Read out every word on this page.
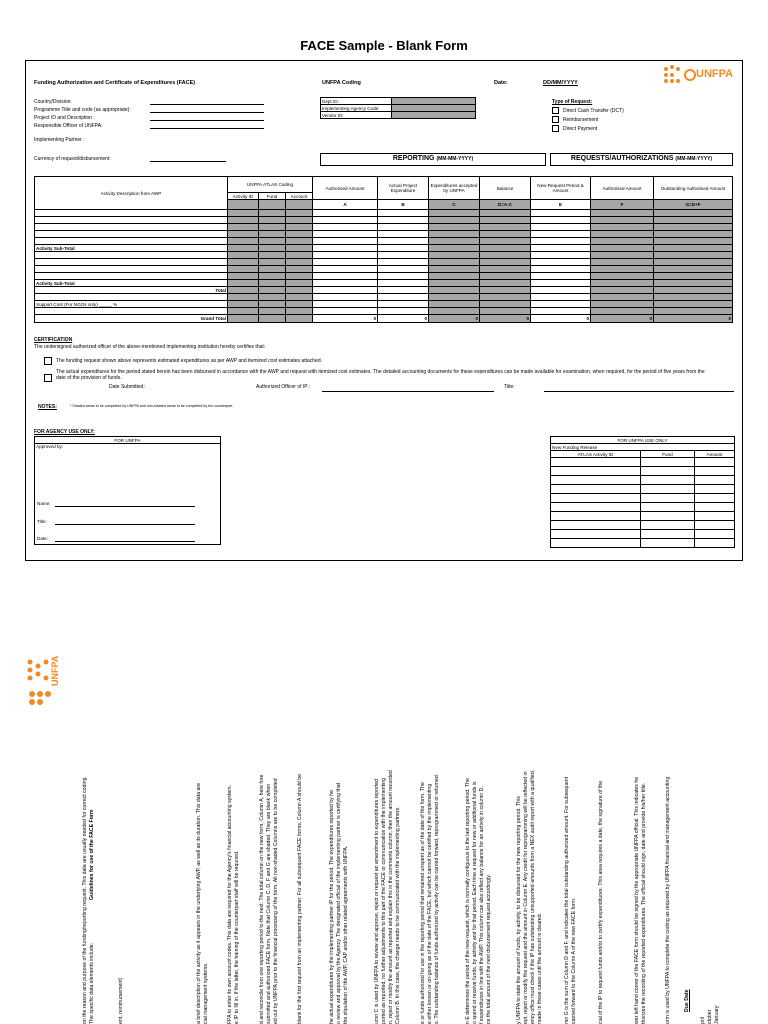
FACE Sample - Blank Form
Funding Authorization and Certificate of Expenditures (FACE)	UNFPA Coding	Date:	DD/MM/YYYY
UNFPA
Country/Division:
Programme Title and code (as appropriate):
Project ID and Description :
Responsible Officer of UNFPA:
Implementing Partner :
Dept ID:	
Implementing Agency Code:	
Vendor ID:	
Type of Request:
Direct Cash Transfer (DCT)
Reimbursement
Direct Payment
Currency of request/disbursement:	REPORTING (MM-MM-YYYY)	REQUESTS/AUTHORIZATIONS (MM-MM-YYYY)
Activity Description from AWP	UNFPA ATLAS Coding			Authorised Amount	Actual Project Expenditure	Expenditures accepted by UNFPA	Balance	New Request Period & Amount	Authorised Amount	Outstanding Authorised Amount
	Activity ID	Fund	Account							
				A	B	C	D=A-C	E	F	G=D+F

Activity Sub-Total										

Activity Sub-Total										
Total										

Support Cost (For NGOs only) _____ %										

Grand Total				0	0	0	0	0	0	0
CERTIFICATION
The undersigned authorized officer of the above-mentioned implementing institution hereby certifies that:
The funding request shown above represents estimated expenditures as per AWP and itemized cost estimates attached.
The actual expenditures for the period stated herein has been disbursed in accordance with the AWP and request with itemized cost estimates. The detailed accounting documents for these expenditures can be made available for examination, when required, for the period of five years from the
date of the provision of funds.
Date Submitted:	Authorized Officer of IP :	Title:
NOTES:	* Shaded areas to be completed by UNFPA and non-shaded areas to be completed by the counterpart.
FOR AGENCY USE ONLY:
FOR UNFPA

Approved by:
Name:
Title:
Date:
FOR UNFPA USE ONLY		
New Funding Release		
ATLAS Activity ID	Fund	Amount

UNFPA
Guidelines for use of the FACE Form
on the reason and purpose of the funding/reporting request. This data are usually needed for correct coding The specific data elements include:	ent, reimbursement)	a brief description of the activity as it appears in the underlying AWP, as well as its duration. This data are cial management systems.	FPA to enter its own account codes. This data are required for the Agency's financial accounting system. e IP to fill in. If the latter, the training of the counterpart staff will be required.	d and reconcile from one reporting period to the next. The total column on the new form, Column A, here fore submitted and authorized FACE form. Note that Column C, D, F and G are shaded. They are blank when ed out by UNFPA prior to the financial processing of the form. All non-shaded Columns are to be completed	blank for the first request from an implementing partner. For all subsequent FACE forms, Column A should be	he actual expenditures by the implementing partner IP for the period. The expenditures reported by he o review and approval by the Agency. The designated official of the implementing partner is certifying that the stipulation of the AWP, CAP and/or other related agreements with UNFPA.	umn C is used by UNFPA to review and approve, reject or request an amendment to expenditures reported ported as reported, no further adjustments to this part of the FACE or communication with the implementing n, reject or modify the amount as reported and explain this in the comments column, then the amount recorded Column B. In this case, the change needs to be communicated with the implementing partners.	e or funds authorized for use in the reporting period that remained unspent as of the date of the form. The e either known or on-going as of the date of the FACE, but which cannot be certified by the implementing s. The outstanding balance of funds authorized by activity can be carried forward, reprogrammed or returned.	n E determines the period of the new request, which is normally contiguous to the last reporting period. The o spend or receive funds, by activity and for that period. Each time a request for new or additional funds is f expenditures in line with the AWP. This column can also reflect any balance for an activity in column D, ce the total amount of the next disbursement request accordingly.	y UNFPA to state the amount of funds, by activity, to be disbursed for the new reporting period. This ept, reject or modify the request and the amount in Column E. Any credit for reprogramming will be reflected in ency office must check if the IP has outstanding unsupported amounts from a NEX audit report with a qualified, made in these cases until the amount is cleared.	mn G is the sum of Column D and F, and indicates the total outstanding authorized amount. For subsequent carried forward to the Column A of the new FACE form.	cial of the IP to request funds and/or to certify expenditures. This area requires a date, the signature of the	wer left hand corner of the FACE form should be signed by the appropriate UNFPA official. This indicates he thorizes the recording of the reported expenditures. The official should sign, date and provide his/her title.	orm is used by UNFPA to complete the coding as required by UNFPA financial and management accounting	Due Date
pril ctober January
